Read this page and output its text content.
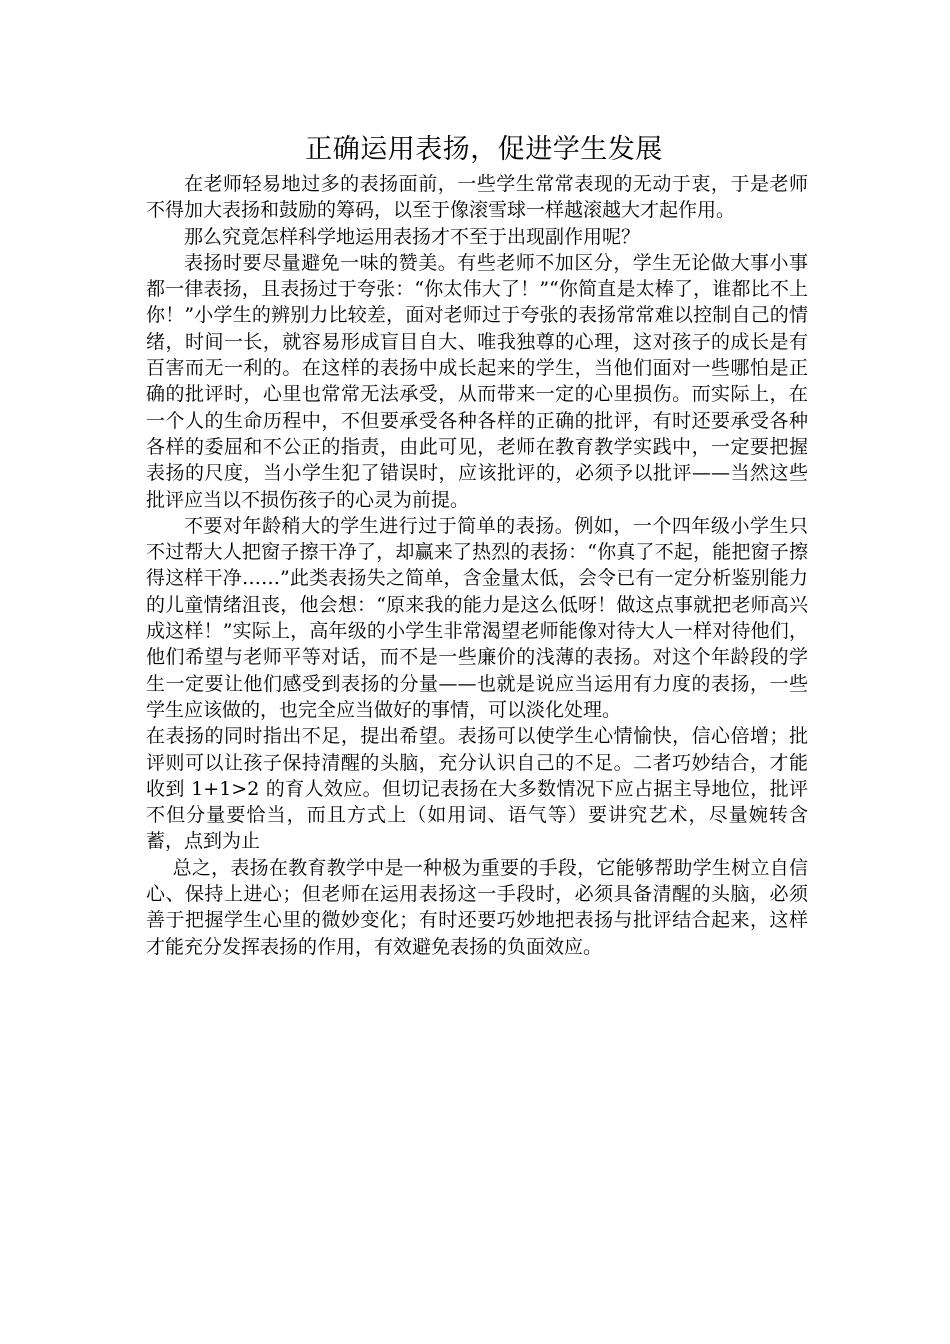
正确运用表扬，促进学生发展

在老师轻易地过多的表扬面前，一些学生常常表现的无动于衷，于是老师不得加大表扬和鼓励的筹码，以至于像滚雪球一样越滚越大才起作用。

那么究竟怎样科学地运用表扬才不至于出现副作用呢？

表扬时要尽量避免一味的赞美。有些老师不加区分，学生无论做大事小事都一律表扬，且表扬过于夸张：“你太伟大了！”“你简直是太棒了，谁都比不上你！”小学生的辨别力比较差，面对老师过于夸张的表扬常常难以控制自己的情绪，时间一长，就容易形成盲目自大、唯我独尊的心理，这对孩子的成长是有百害而无一利的。在这样的表扬中成长起来的学生，当他们面对一些哪怕是正确的批评时，心里也常常无法承受，从而带来一定的心里损伤。而实际上，在一个人的生命历程中，不但要承受各种各样的正确的批评，有时还要承受各种各样的委屈和不公正的指责，由此可见，老师在教育教学实践中，一定要把握表扬的尺度，当小学生犯了错误时，应该批评的，必须予以批评——当然这些批评应当以不损伤孩子的心灵为前提。

不要对年龄稍大的学生进行过于简单的表扬。例如，一个四年级小学生只不过帮大人把窗子擦干净了，却赢来了热烈的表扬：“你真了不起，能把窗子擦得这样干净……”此类表扬失之简单，含金量太低，会令已有一定分析鉴别能力的儿童情绪沮丧，他会想：“原来我的能力是这么低呀！做这点事就把老师高兴成这样！”实际上，高年级的小学生非常渴望老师能像对待大人一样对待他们，他们希望与老师平等对话，而不是一些廉价的浅薄的表扬。对这个年龄段的学生一定要让他们感受到表扬的分量——也就是说应当运用有力度的表扬，一些学生应该做的，也完全应当做好的事情，可以淡化处理。

在表扬的同时指出不足，提出希望。表扬可以使学生心情愉快，信心倍增；批评则可以让孩子保持清醒的头脑，充分认识自己的不足。二者巧妙结合，才能收到 1+1>2 的育人效应。但切记表扬在大多数情况下应占据主导地位，批评不但分量要恰当，而且方式上（如用词、语气等）要讲究艺术，尽量婉转含蓄，点到为止

总之，表扬在教育教学中是一种极为重要的手段，它能够帮助学生树立自信心、保持上进心；但老师在运用表扬这一手段时，必须具备清醒的头脑，必须善于把握学生心里的微妙变化；有时还要巧妙地把表扬与批评结合起来，这样才能充分发挥表扬的作用，有效避免表扬的负面效应。
